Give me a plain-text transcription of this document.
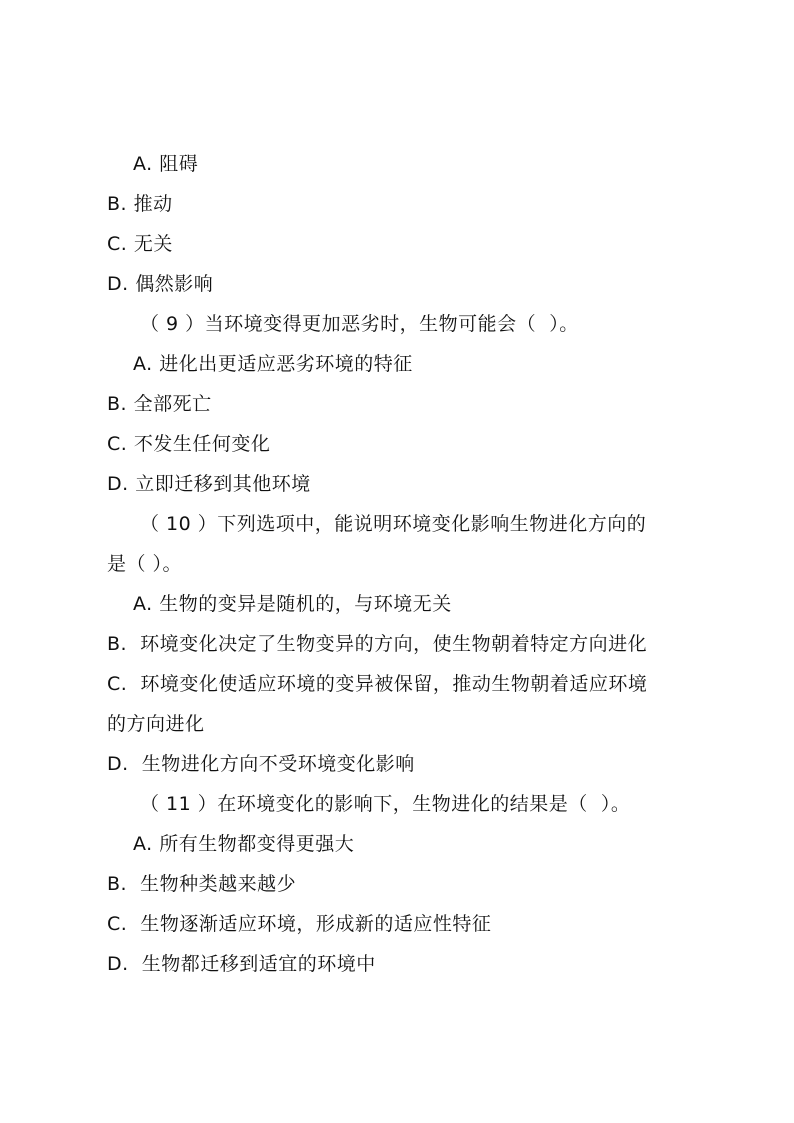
A. 阻碍
B. 推动
C. 无关
D. 偶然影响
（ 9 ）当环境变得更加恶劣时，生物可能会（  ）。
A. 进化出更适应恶劣环境的特征
B. 全部死亡
C. 不发生任何变化
D. 立即迁移到其他环境
（ 10 ）下列选项中，能说明环境变化影响生物进化方向的
是（ ）。
A. 生物的变异是随机的，与环境无关
B.  环境变化决定了生物变异的方向，使生物朝着特定方向进化
C.  环境变化使适应环境的变异被保留，推动生物朝着适应环境
的方向进化
D.  生物进化方向不受环境变化影响
（ 11 ）在环境变化的影响下，生物进化的结果是（  ）。
A. 所有生物都变得更强大
B.  生物种类越来越少
C.  生物逐渐适应环境，形成新的适应性特征
D.  生物都迁移到适宜的环境中
